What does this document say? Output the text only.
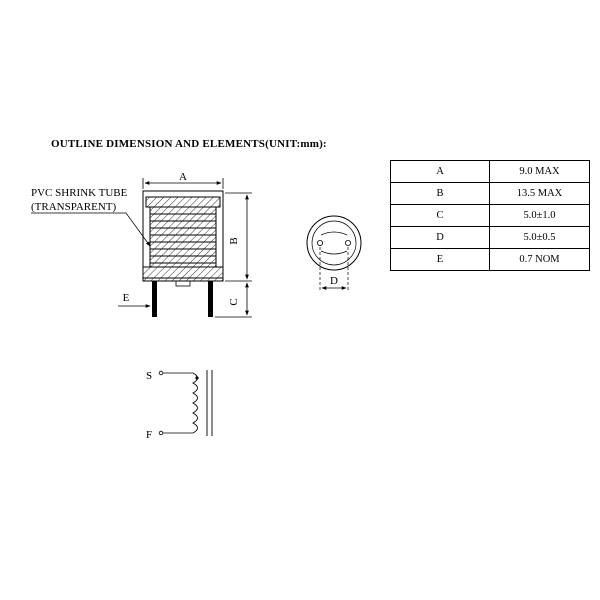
OUTLINE DIMENSION AND ELEMENTS(UNIT:mm):
A
B
C
E
PVC SHRINK TUBE
(TRANSPARENT)
D
S
F
A	9.0 MAX
B	13.5 MAX
C	5.0±1.0
D	5.0±0.5
E	0.7 NOM
